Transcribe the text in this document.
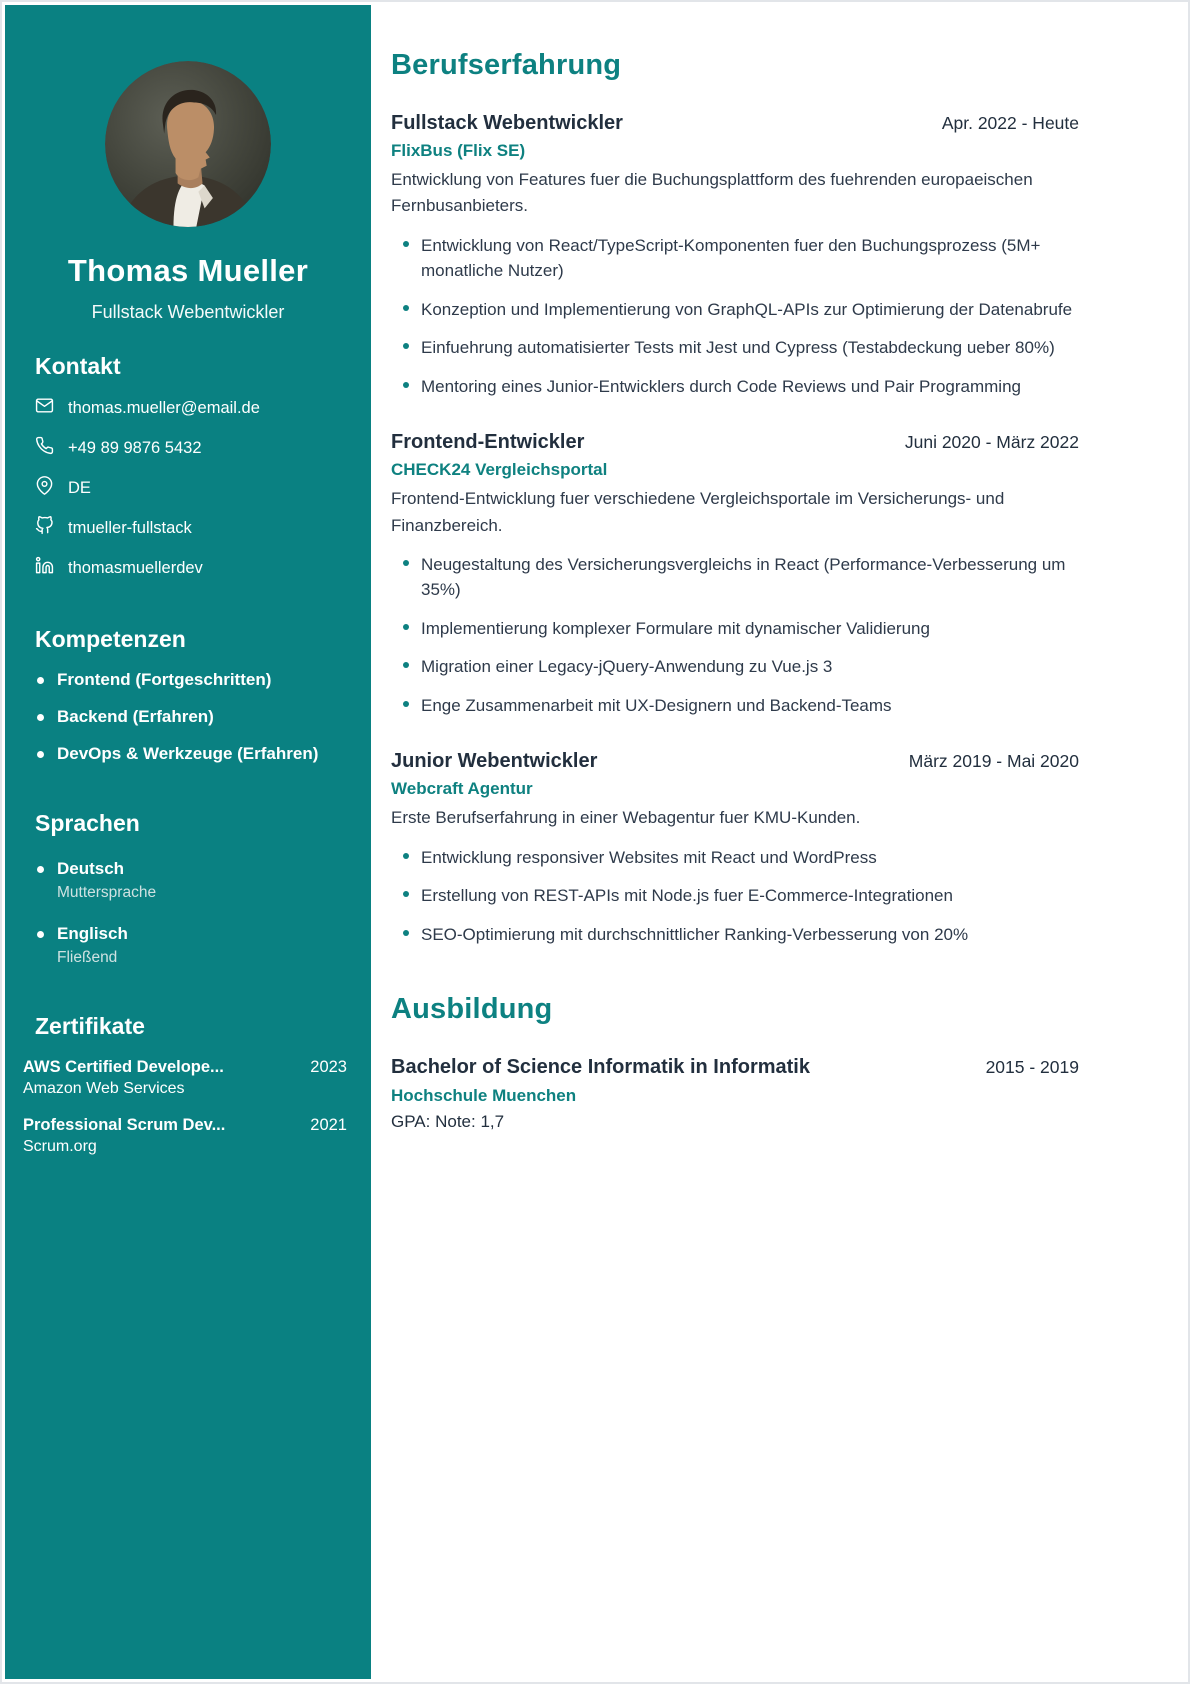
Thomas Mueller
Fullstack Webentwickler
Kontakt
thomas.mueller@email.de
+49 89 9876 5432
DE
tmueller-fullstack
thomasmuellerdev
Kompetenzen
Frontend (Fortgeschritten)
Backend (Erfahren)
DevOps & Werkzeuge (Erfahren)
Sprachen
Deutsch
Muttersprache
Englisch
Fließend
Zertifikate
AWS Certified Develope...	2023
Amazon Web Services
Professional Scrum Dev...	2021
Scrum.org
Berufserfahrung
Fullstack Webentwickler	Apr. 2022 - Heute
FlixBus (Flix SE)
Entwicklung von Features fuer die Buchungsplattform des fuehrenden europaeischen Fernbusanbieters.
Entwicklung von React/TypeScript-Komponenten fuer den Buchungsprozess (5M+ monatliche Nutzer)
Konzeption und Implementierung von GraphQL-APIs zur Optimierung der Datenabrufe
Einfuehrung automatisierter Tests mit Jest und Cypress (Testabdeckung ueber 80%)
Mentoring eines Junior-Entwicklers durch Code Reviews und Pair Programming
Frontend-Entwickler	Juni 2020 - März 2022
CHECK24 Vergleichsportal
Frontend-Entwicklung fuer verschiedene Vergleichsportale im Versicherungs- und Finanzbereich.
Neugestaltung des Versicherungsvergleichs in React (Performance-Verbesserung um 35%)
Implementierung komplexer Formulare mit dynamischer Validierung
Migration einer Legacy-jQuery-Anwendung zu Vue.js 3
Enge Zusammenarbeit mit UX-Designern und Backend-Teams
Junior Webentwickler	März 2019 - Mai 2020
Webcraft Agentur
Erste Berufserfahrung in einer Webagentur fuer KMU-Kunden.
Entwicklung responsiver Websites mit React und WordPress
Erstellung von REST-APIs mit Node.js fuer E-Commerce-Integrationen
SEO-Optimierung mit durchschnittlicher Ranking-Verbesserung von 20%
Ausbildung
Bachelor of Science Informatik in Informatik	2015 - 2019
Hochschule Muenchen
GPA: Note: 1,7
